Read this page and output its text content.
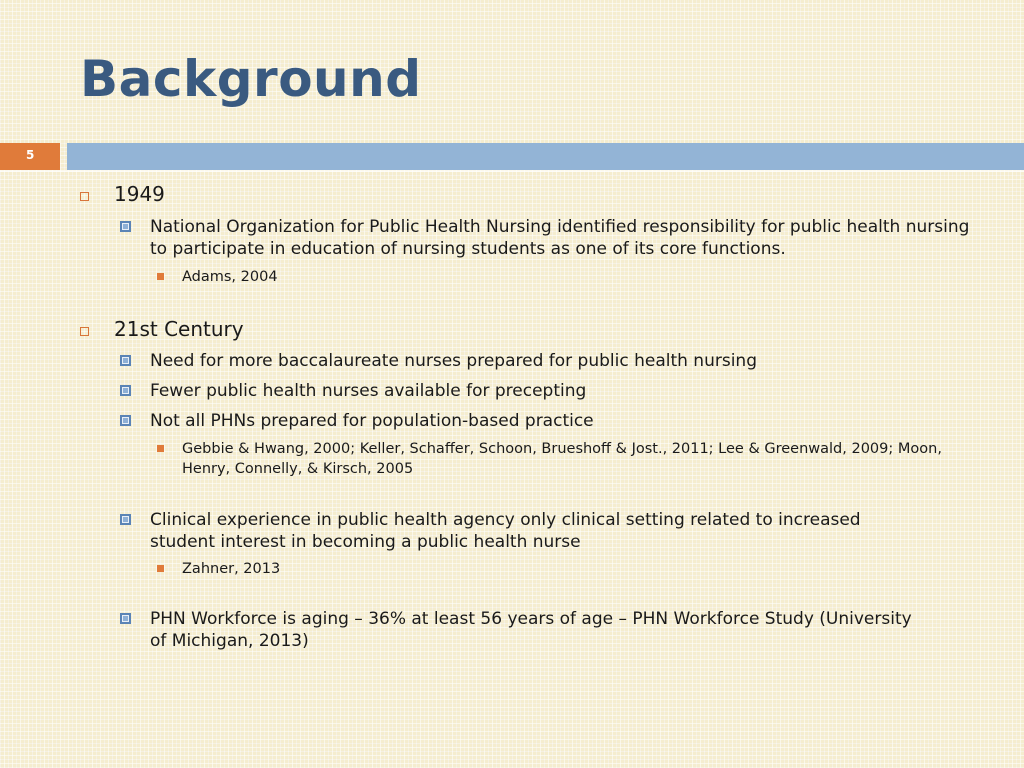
Background
5
1949
National Organization for Public Health Nursing identified responsibility for public health nursing to participate in education of nursing students as one of its core functions.
Adams, 2004
21st Century
Need for more baccalaureate nurses prepared for public health nursing
Fewer public health nurses available for precepting
Not all PHNs prepared for population-based practice
Gebbie & Hwang, 2000; Keller, Schaffer, Schoon, Brueshoff & Jost., 2011; Lee & Greenwald, 2009; Moon, Henry, Connelly, & Kirsch, 2005
Clinical experience in public health agency only clinical setting related to increased student interest in becoming a public health nurse
Zahner, 2013
PHN Workforce is aging – 36% at least 56 years of age – PHN Workforce Study (University of Michigan, 2013)
